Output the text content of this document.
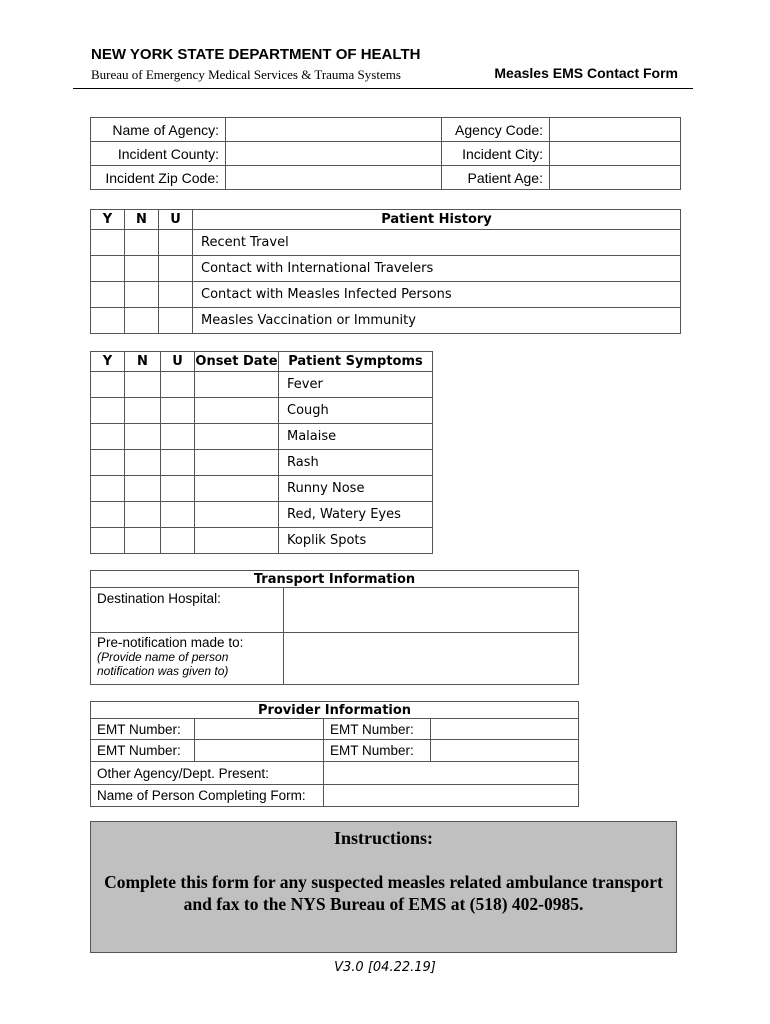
NEW YORK STATE DEPARTMENT OF HEALTH
Bureau of Emergency Medical Services & Trauma Systems	Measles EMS Contact Form
Name of Agency:		Agency Code:	
Incident County:		Incident City:	
Incident Zip Code:		Patient Age:	
Y	N	U	Patient History
			Recent Travel
			Contact with International Travelers
			Contact with Measles Infected Persons
			Measles Vaccination or Immunity
Y	N	U	Onset Date	Patient Symptoms
				Fever
				Cough
				Malaise
				Rash
				Runny Nose
				Red, Watery Eyes
				Koplik Spots
Transport Information	
Destination Hospital:	
Pre-notification made to:
(Provide name of person notification was given to)	

Provider Information			
EMT Number:		EMT Number:	
EMT Number:		EMT Number:	
Other Agency/Dept. Present:			
Name of Person Completing Form:			
Instructions:
Complete this form for any suspected measles related ambulance transport and fax to the NYS Bureau of EMS at (518) 402-0985.
V3.0 [04.22.19]
